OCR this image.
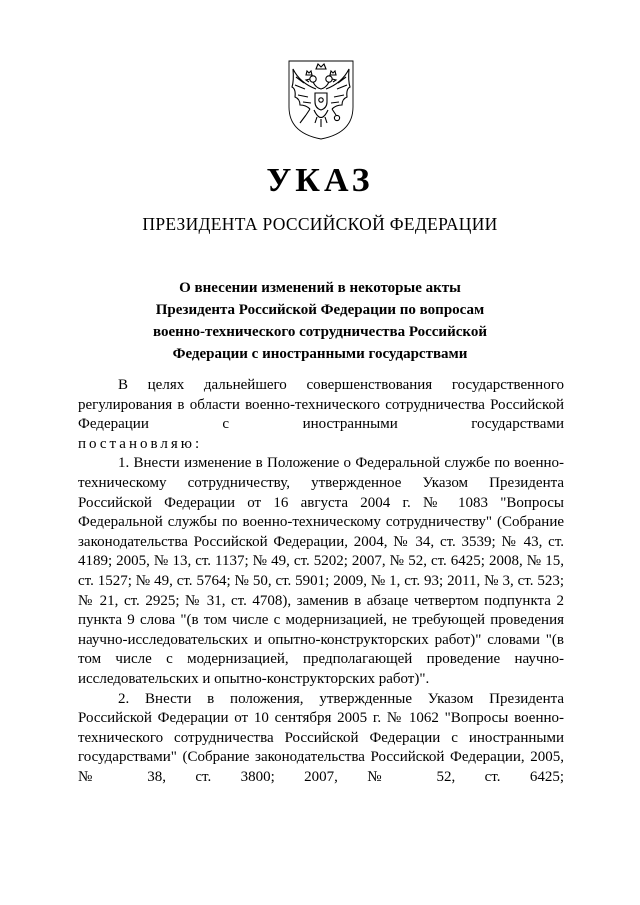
УКАЗ
ПРЕЗИДЕНТА РОССИЙСКОЙ ФЕДЕРАЦИИ
О внесении изменений в некоторые акты
Президента Российской Федерации по вопросам
военно-технического сотрудничества Российской
Федерации с иностранными государствами

В целях дальнейшего совершенствования государственного регулирования в области военно-технического сотрудничества Российской Федерации с иностранными государствами

постановляю:

1. Внести изменение в Положение о Федеральной службе по военно-техническому сотрудничеству, утвержденное Указом Президента Российской Федерации от 16 августа 2004 г. № 1083 "Вопросы Федеральной службы по военно-техническому сотрудничеству" (Собрание законодательства Российской Федерации, 2004, № 34, ст. 3539; № 43, ст. 4189; 2005, № 13, ст. 1137; № 49, ст. 5202; 2007, № 52, ст. 6425; 2008, № 15, ст. 1527; № 49, ст. 5764; № 50, ст. 5901; 2009, № 1, ст. 93; 2011, № 3, ст. 523; № 21, ст. 2925; № 31, ст. 4708), заменив в абзаце четвертом подпункта 2 пункта 9 слова "(в том числе с модернизацией, не требующей проведения научно-исследовательских и опытно-конструкторских работ)" словами "(в том числе с модернизацией, предполагающей проведение научно-исследовательских и опытно-конструкторских работ)".

2. Внести в положения, утвержденные Указом Президента Российской Федерации от 10 сентября 2005 г. № 1062 "Вопросы военно-технического сотрудничества Российской Федерации с иностранными государствами" (Собрание законодательства Российской Федерации, 2005, № 38, ст. 3800; 2007, № 52, ст. 6425;
